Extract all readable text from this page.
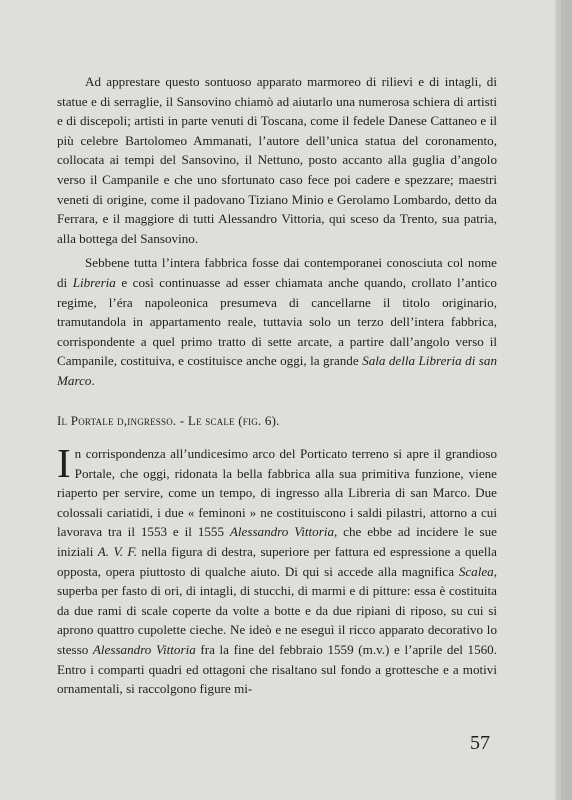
Ad apprestare questo sontuoso apparato marmoreo di rilievi e di intagli, di statue e di serraglie, il Sansovino chiamò ad aiutarlo una numerosa schiera di artisti e di discepoli; artisti in parte venuti di Toscana, come il fedele Danese Cattaneo e il più celebre Bartolomeo Ammanati, l’autore dell’unica statua del coronamento, collocata ai tempi del Sansovino, il Nettuno, posto accanto alla guglia d’angolo verso il Campanile e che uno sfortunato caso fece poi cadere e spezzare; maestri veneti di origine, come il padovano Tiziano Minio e Gerolamo Lombardo, detto da Ferrara, e il maggiore di tutti Alessandro Vittoria, qui sceso da Trento, sua patria, alla bottega del Sansovino.

Sebbene tutta l’intera fabbrica fosse dai contemporanei conosciuta col nome di Libreria e così continuasse ad esser chiamata anche quando, crollato l’antico regime, l’éra napoleonica presumeva di cancellarne il titolo originario, tramutandola in appartamento reale, tuttavia solo un terzo dell’intera fabbrica, corrispondente a quel primo tratto di sette arcate, a partire dall’angolo verso il Campanile, costituiva, e costituisce anche oggi, la grande Sala della Libreria di san Marco.

Il Portale d,ingresso. - Le scale (fig. 6).

In corrispondenza all’undicesimo arco del Porticato terreno si apre il grandioso Portale, che oggi, ridonata la bella fabbrica alla sua primitiva funzione, viene riaperto per servire, come un tempo, di ingresso alla Libreria di san Marco. Due colossali cariatidi, i due « feminoni » ne costituiscono i saldi pilastri, attorno a cui lavorava tra il 1553 e il 1555 Alessandro Vittoria, che ebbe ad incidere le sue iniziali A. V. F. nella figura di destra, superiore per fattura ed espressione a quella opposta, opera piuttosto di qualche aiuto. Di qui si accede alla magnifica Scalea, superba per fasto di ori, di intagli, di stucchi, di marmi e di pitture: essa è costituita da due rami di scale coperte da volte a botte e da due ripiani di riposo, su cui si aprono quattro cupolette cieche. Ne ideò e ne eseguì il ricco apparato decorativo lo stesso Alessandro Vittoria fra la fine del febbraio 1559 (m.v.) e l’aprile del 1560. Entro i comparti quadri ed ottagoni che risaltano sul fondo a grottesche e a motivi ornamentali, si raccolgono figure mi-

57
